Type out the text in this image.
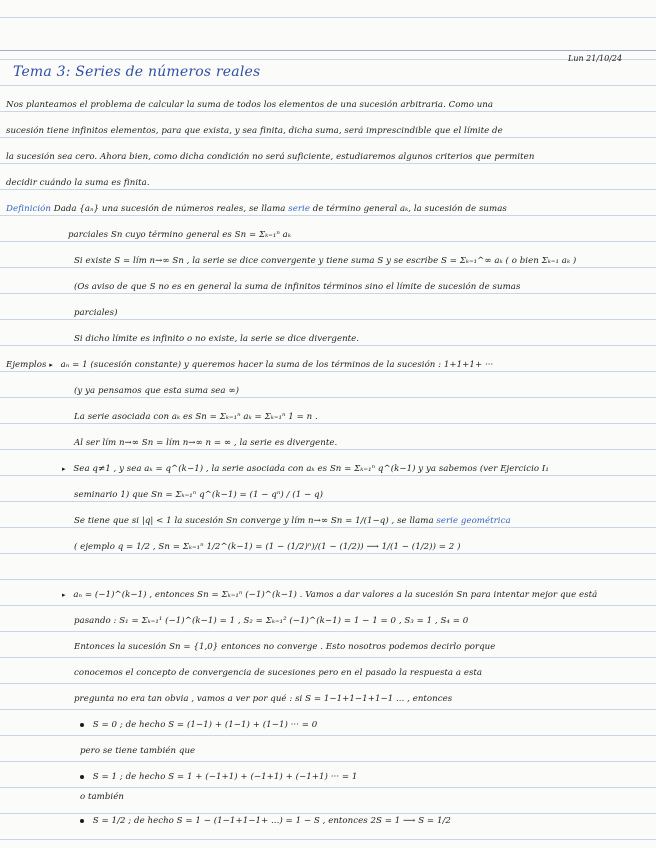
Lun 21/10/24
Tema 3: Series de números reales
Nos planteamos el problema de calcular la suma de todos los elementos de una sucesión arbitraria. Como una
sucesión tiene infinitos elementos, para que exista, y sea finita, dicha suma, será imprescindible que el límite de
la sucesión sea cero. Ahora bien, como dicha condición no será suficiente, estudiaremos algunos criterios que permiten
decidir cuándo la suma es finita.
Definición Dada {aₙ} una sucesión de números reales, se llama serie de término general aₖ, la sucesión de sumas
parciales Sn cuyo término general es Sn = Σₖ₌₁ⁿ aₖ
Si existe S = lím n→∞ Sn , la serie se dice convergente y tiene suma S y se escribe S = Σₖ₌₁^∞ aₖ ( o bien Σₖ₌₁ aₖ )
(Os aviso de que S no es en general la suma de infinitos términos sino el límite de sucesión de sumas
parciales)
Si dicho límite es infinito o no existe, la serie se dice divergente.
Ejemplos ▸ aₙ = 1 (sucesión constante) y queremos hacer la suma de los términos de la sucesión : 1+1+1+ ···
(y ya pensamos que esta suma sea ∞)
La serie asociada con aₖ es Sn = Σₖ₌₁ⁿ aₖ = Σₖ₌₁ⁿ 1 = n .
Al ser lím n→∞ Sn = lím n→∞ n = ∞ , la serie es divergente.
▸ Sea q≠1 , y sea aₖ = q^(k−1) , la serie asociada con aₖ es Sn = Σₖ₌₁ⁿ q^(k−1) y ya sabemos (ver Ejercicio I₁
seminario 1) que Sn = Σₖ₌₁ⁿ q^(k−1) = (1 − qⁿ) / (1 − q)
Se tiene que si |q| < 1 la sucesión Sn converge y lím n→∞ Sn = 1/(1−q) , se llama serie geométrica
( ejemplo q = 1/2 , Sn = Σₖ₌₁ⁿ 1/2^(k−1) = (1 − (1/2)ⁿ)/(1 − (1/2)) ⟶ 1/(1 − (1/2)) = 2 )
▸ aₙ = (−1)^(k−1) , entonces Sn = Σₖ₌₁ⁿ (−1)^(k−1) . Vamos a dar valores a la sucesión Sn para intentar mejor que está
pasando : S₁ = Σₖ₌₁¹ (−1)^(k−1) = 1 , S₂ = Σₖ₌₁² (−1)^(k−1) = 1 − 1 = 0 , S₃ = 1 , S₄ = 0
Entonces la sucesión Sn = {1,0} entonces no converge . Esto nosotros podemos decirlo porque
conocemos el concepto de convergencia de sucesiones pero en el pasado la respuesta a esta
pregunta no era tan obvia , vamos a ver por qué : si S = 1−1+1−1+1−1 ... , entonces
S = 0 ; de hecho S = (1−1) + (1−1) + (1−1) ··· = 0
pero se tiene también que
S = 1 ; de hecho S = 1 + (−1+1) + (−1+1) + (−1+1) ··· = 1
o también
S = 1/2 ; de hecho S = 1 − (1−1+1−1+ ...) = 1 − S , entonces 2S = 1 ⟶ S = 1/2
